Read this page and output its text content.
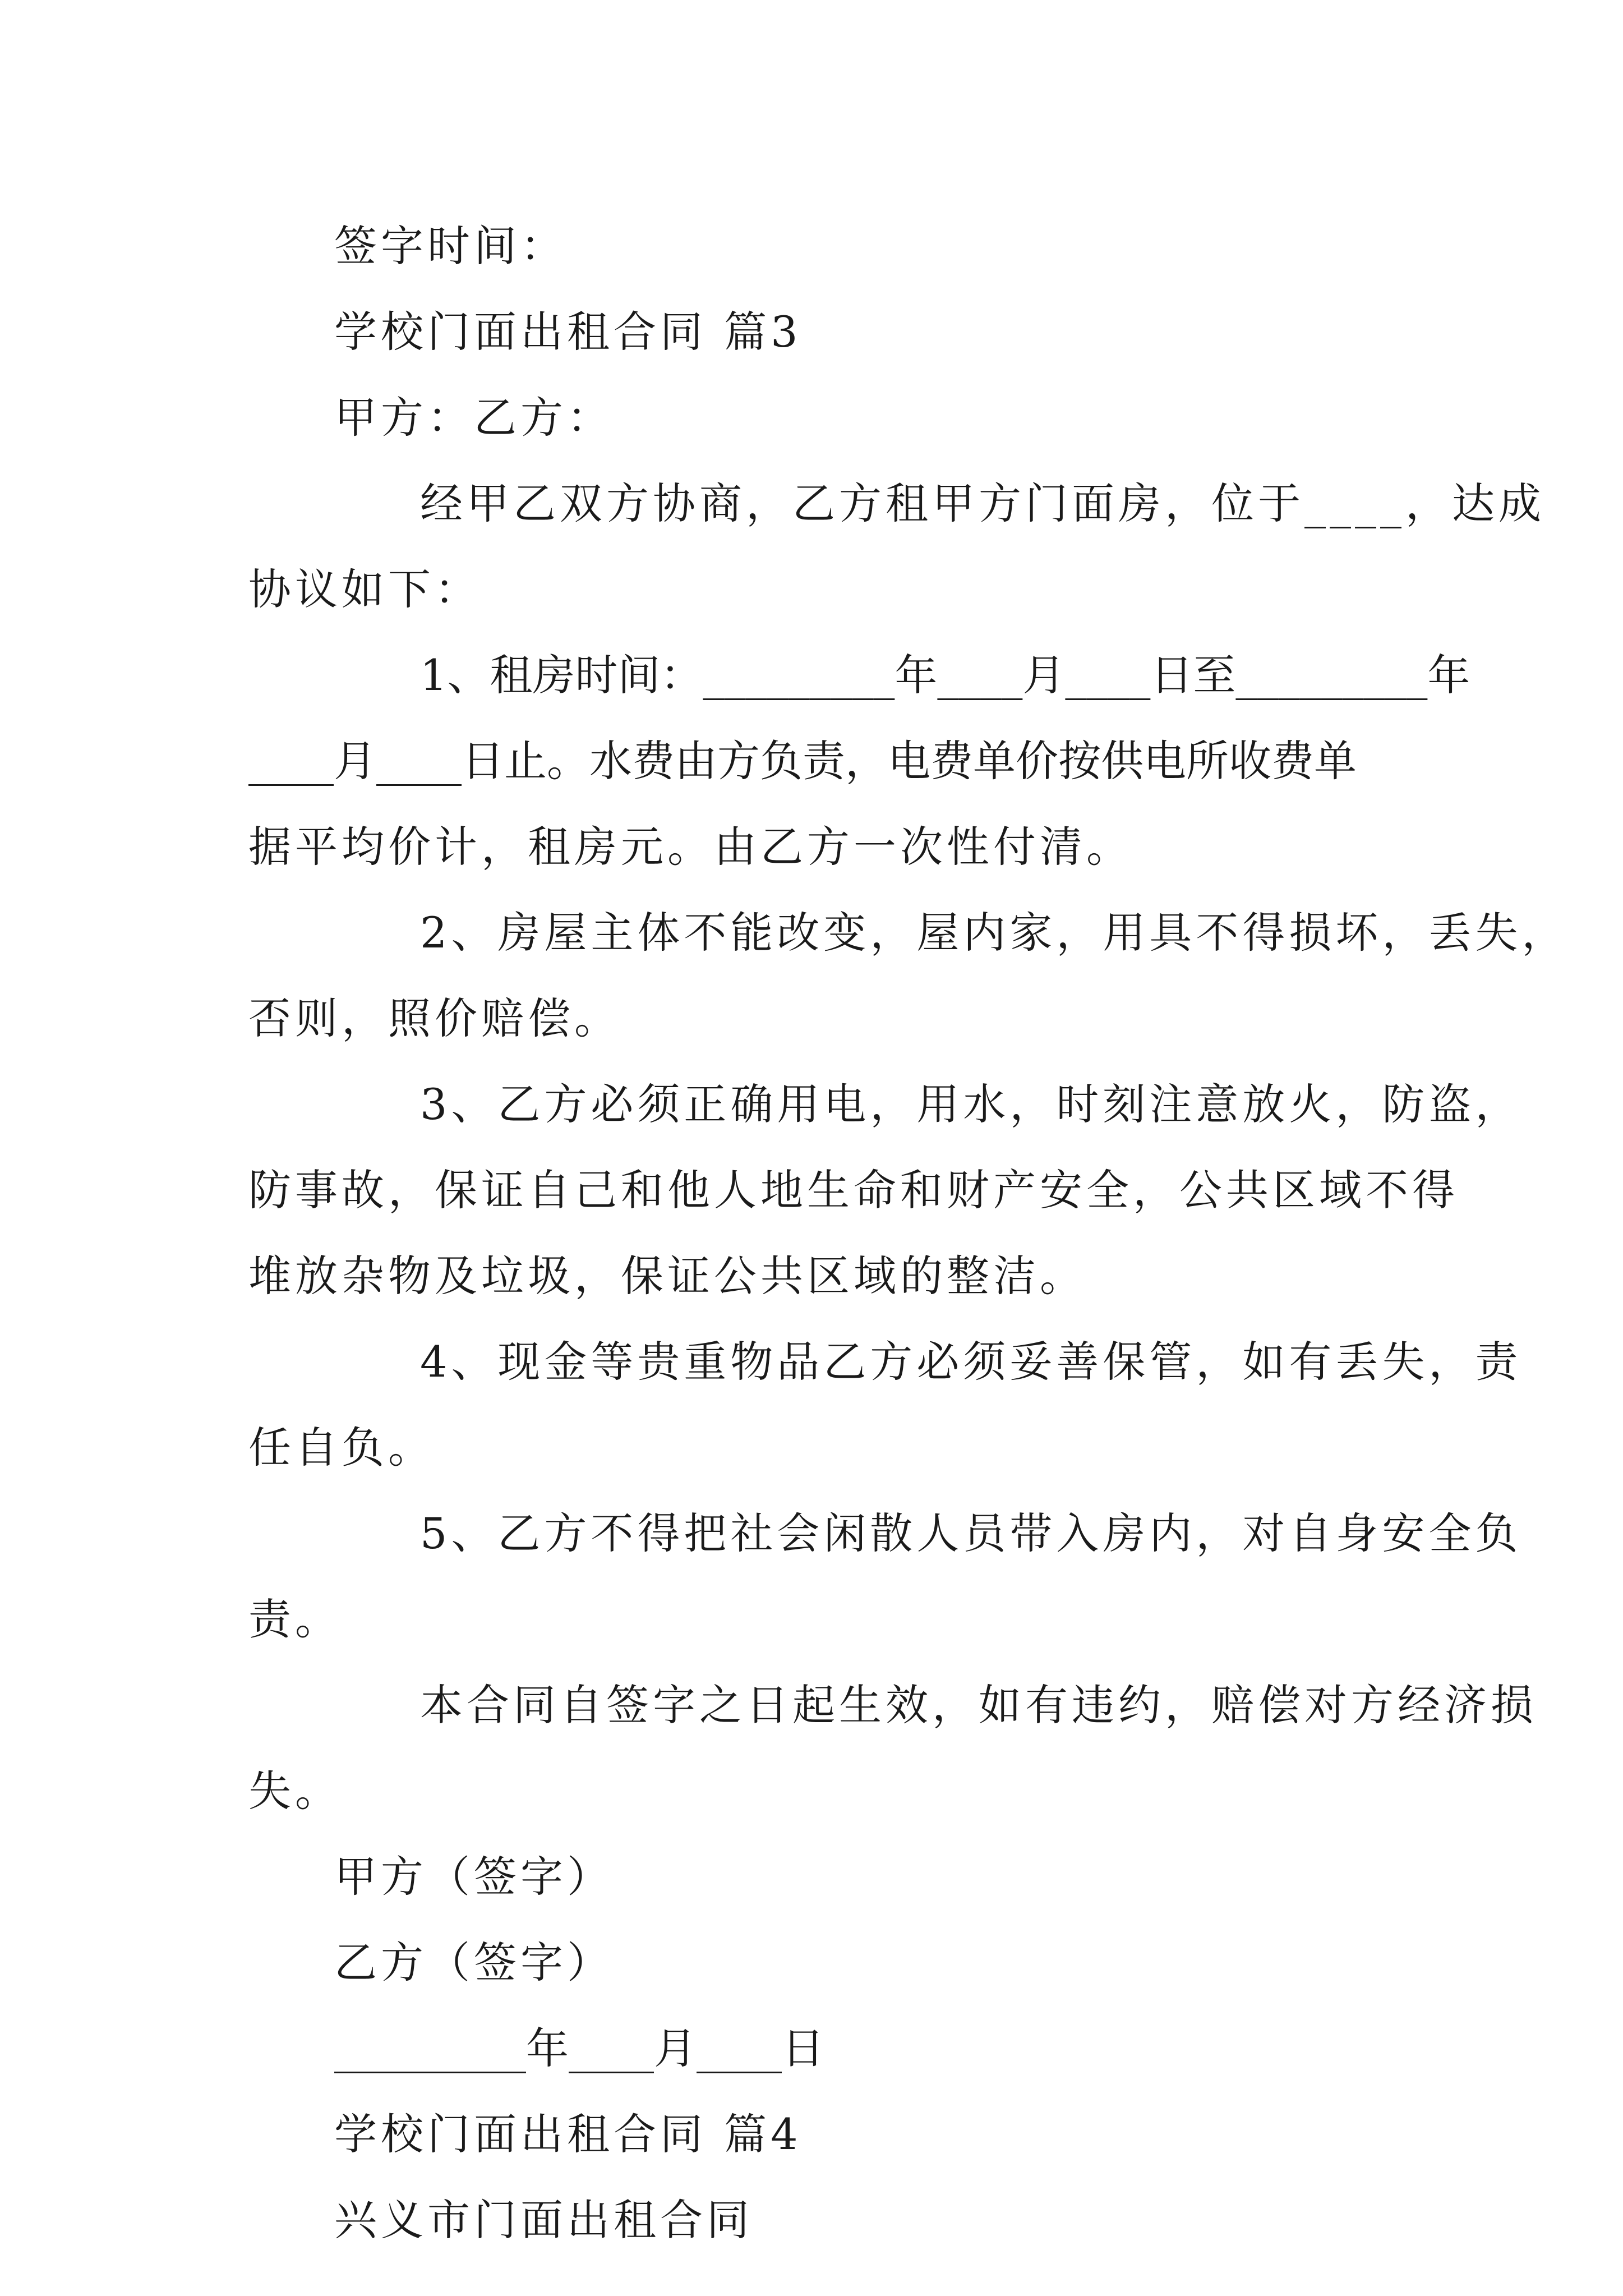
签字时间：
学校门面出租合同 篇3
甲方：乙方：
经甲乙双方协商，乙方租甲方门面房，位于____，达成
协议如下：
1、租房时间：_________年____月____日至_________年
____月____日止。水费由方负责，电费单价按供电所收费单
据平均价计，租房元。由乙方一次性付清。
2、房屋主体不能改变，屋内家，用具不得损坏，丢失，
否则，照价赔偿。
3、乙方必须正确用电，用水，时刻注意放火，防盗，
防事故，保证自己和他人地生命和财产安全，公共区域不得
堆放杂物及垃圾，保证公共区域的整洁。
4、现金等贵重物品乙方必须妥善保管，如有丢失，责
任自负。
5、乙方不得把社会闲散人员带入房内，对自身安全负
责。
本合同自签字之日起生效，如有违约，赔偿对方经济损
失。
甲方（签字）
乙方（签字）
_________年____月____日
学校门面出租合同 篇4
兴义市门面出租合同
